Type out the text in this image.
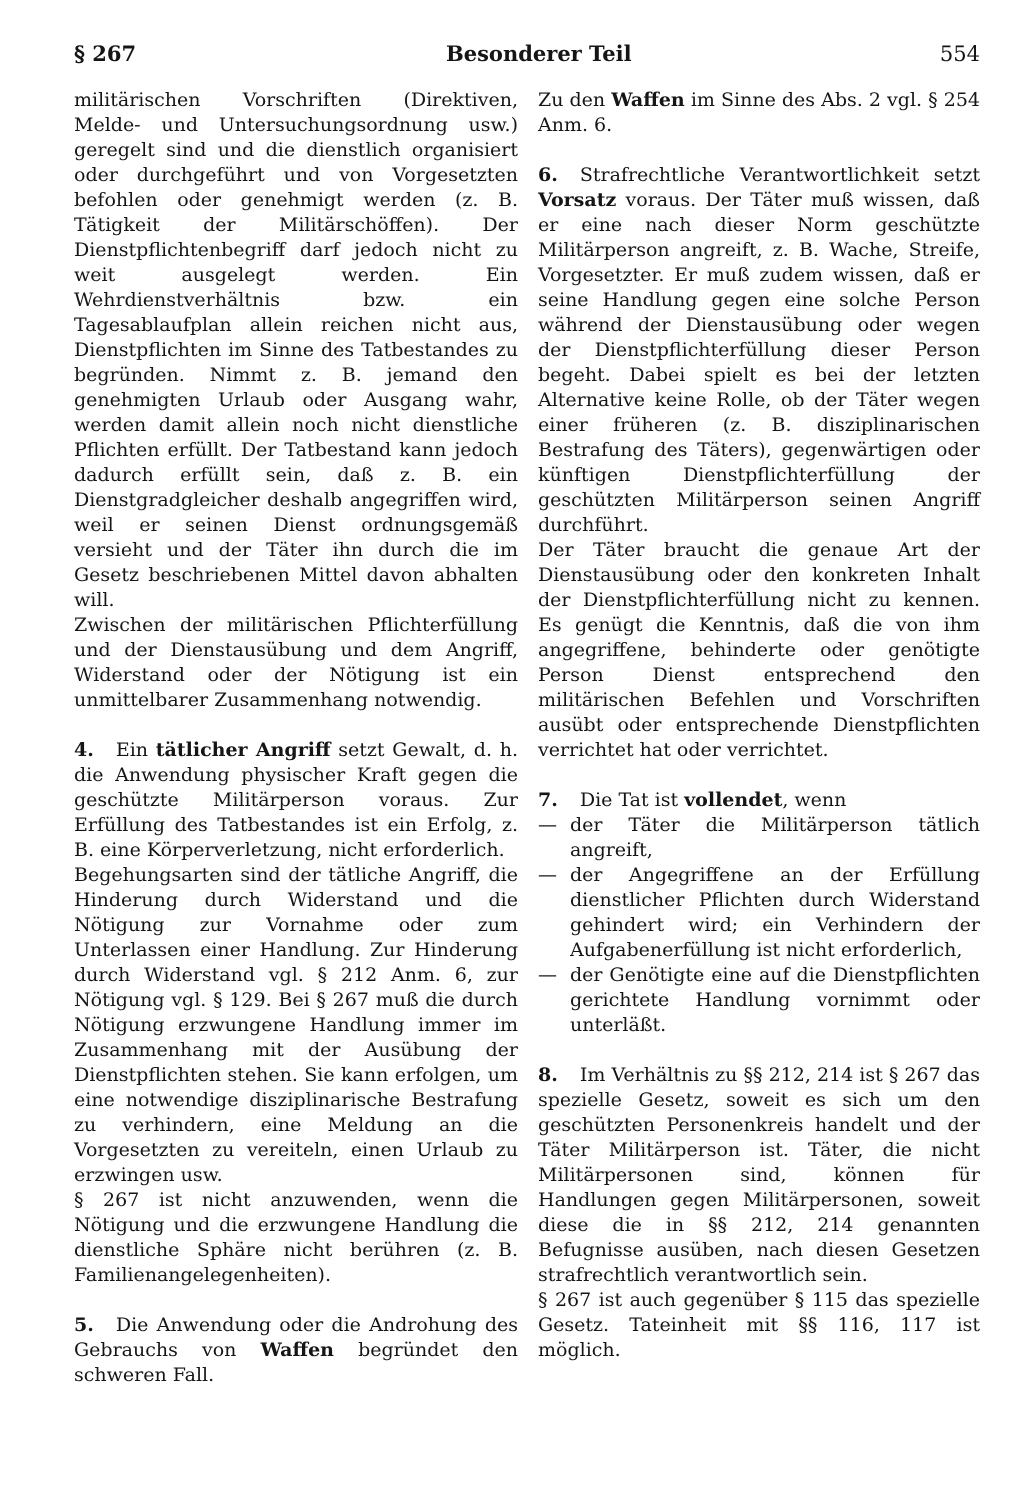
§ 267	Besonderer Teil	554

militärischen Vorschriften (Direktiven, Melde- und Untersuchungsordnung usw.) geregelt sind und die dienstlich organisiert oder durchgeführt und von Vorgesetzten befohlen oder genehmigt werden (z. B. Tätigkeit der Militärschöffen). Der Dienstpflichtenbegriff darf jedoch nicht zu weit ausgelegt werden. Ein Wehrdienstverhältnis bzw. ein Tagesablaufplan allein reichen nicht aus, Dienstpflichten im Sinne des Tatbestandes zu begründen. Nimmt z. B. jemand den genehmigten Urlaub oder Ausgang wahr, werden damit allein noch nicht dienstliche Pflichten erfüllt. Der Tatbestand kann jedoch dadurch erfüllt sein, daß z. B. ein Dienstgradgleicher deshalb angegriffen wird, weil er seinen Dienst ordnungsgemäß versieht und der Täter ihn durch die im Gesetz beschriebenen Mittel davon abhalten will.

Zwischen der militärischen Pflichterfüllung und der Dienstausübung und dem Angriff, Widerstand oder der Nötigung ist ein unmittelbarer Zusammenhang notwendig.

4. Ein tätlicher Angriff setzt Gewalt, d. h. die Anwendung physischer Kraft gegen die geschützte Militärperson voraus. Zur Erfüllung des Tatbestandes ist ein Erfolg, z. B. eine Körperverletzung, nicht erforderlich.

Begehungsarten sind der tätliche Angriff, die Hinderung durch Widerstand und die Nötigung zur Vornahme oder zum Unterlassen einer Handlung. Zur Hinderung durch Widerstand vgl. § 212 Anm. 6, zur Nötigung vgl. § 129. Bei § 267 muß die durch Nötigung erzwungene Handlung immer im Zusammenhang mit der Ausübung der Dienstpflichten stehen. Sie kann erfolgen, um eine notwendige disziplinarische Bestrafung zu verhindern, eine Meldung an die Vorgesetzten zu vereiteln, einen Urlaub zu erzwingen usw.

§ 267 ist nicht anzuwenden, wenn die Nötigung und die erzwungene Handlung die dienstliche Sphäre nicht berühren (z. B. Familienangelegenheiten).

5. Die Anwendung oder die Androhung des Gebrauchs von Waffen begründet den schweren Fall.

Zu den Waffen im Sinne des Abs. 2 vgl. § 254 Anm. 6.

6. Strafrechtliche Verantwortlichkeit setzt Vorsatz voraus. Der Täter muß wissen, daß er eine nach dieser Norm geschützte Militärperson angreift, z. B. Wache, Streife, Vorgesetzter. Er muß zudem wissen, daß er seine Handlung gegen eine solche Person während der Dienstausübung oder wegen der Dienstpflichterfüllung dieser Person begeht. Dabei spielt es bei der letzten Alternative keine Rolle, ob der Täter wegen einer früheren (z. B. disziplinarischen Bestrafung des Täters), gegenwärtigen oder künftigen Dienstpflichterfüllung der geschützten Militärperson seinen Angriff durchführt.

Der Täter braucht die genaue Art der Dienstausübung oder den konkreten Inhalt der Dienstpflichterfüllung nicht zu kennen. Es genügt die Kenntnis, daß die von ihm angegriffene, behinderte oder genötigte Person Dienst entsprechend den militärischen Befehlen und Vorschriften ausübt oder entsprechende Dienstpflichten verrichtet hat oder verrichtet.

7. Die Tat ist vollendet, wenn

— der Täter die Militärperson tätlich angreift,
— der Angegriffene an der Erfüllung dienstlicher Pflichten durch Widerstand gehindert wird; ein Verhindern der Aufgabenerfüllung ist nicht erforderlich,
— der Genötigte eine auf die Dienstpflichten gerichtete Handlung vornimmt oder unterläßt.

8. Im Verhältnis zu §§ 212, 214 ist § 267 das spezielle Gesetz, soweit es sich um den geschützten Personenkreis handelt und der Täter Militärperson ist. Täter, die nicht Militärpersonen sind, können für Handlungen gegen Militärpersonen, soweit diese die in §§ 212, 214 genannten Befugnisse ausüben, nach diesen Gesetzen strafrechtlich verantwortlich sein.

§ 267 ist auch gegenüber § 115 das spezielle Gesetz. Tateinheit mit §§ 116, 117 ist möglich.
